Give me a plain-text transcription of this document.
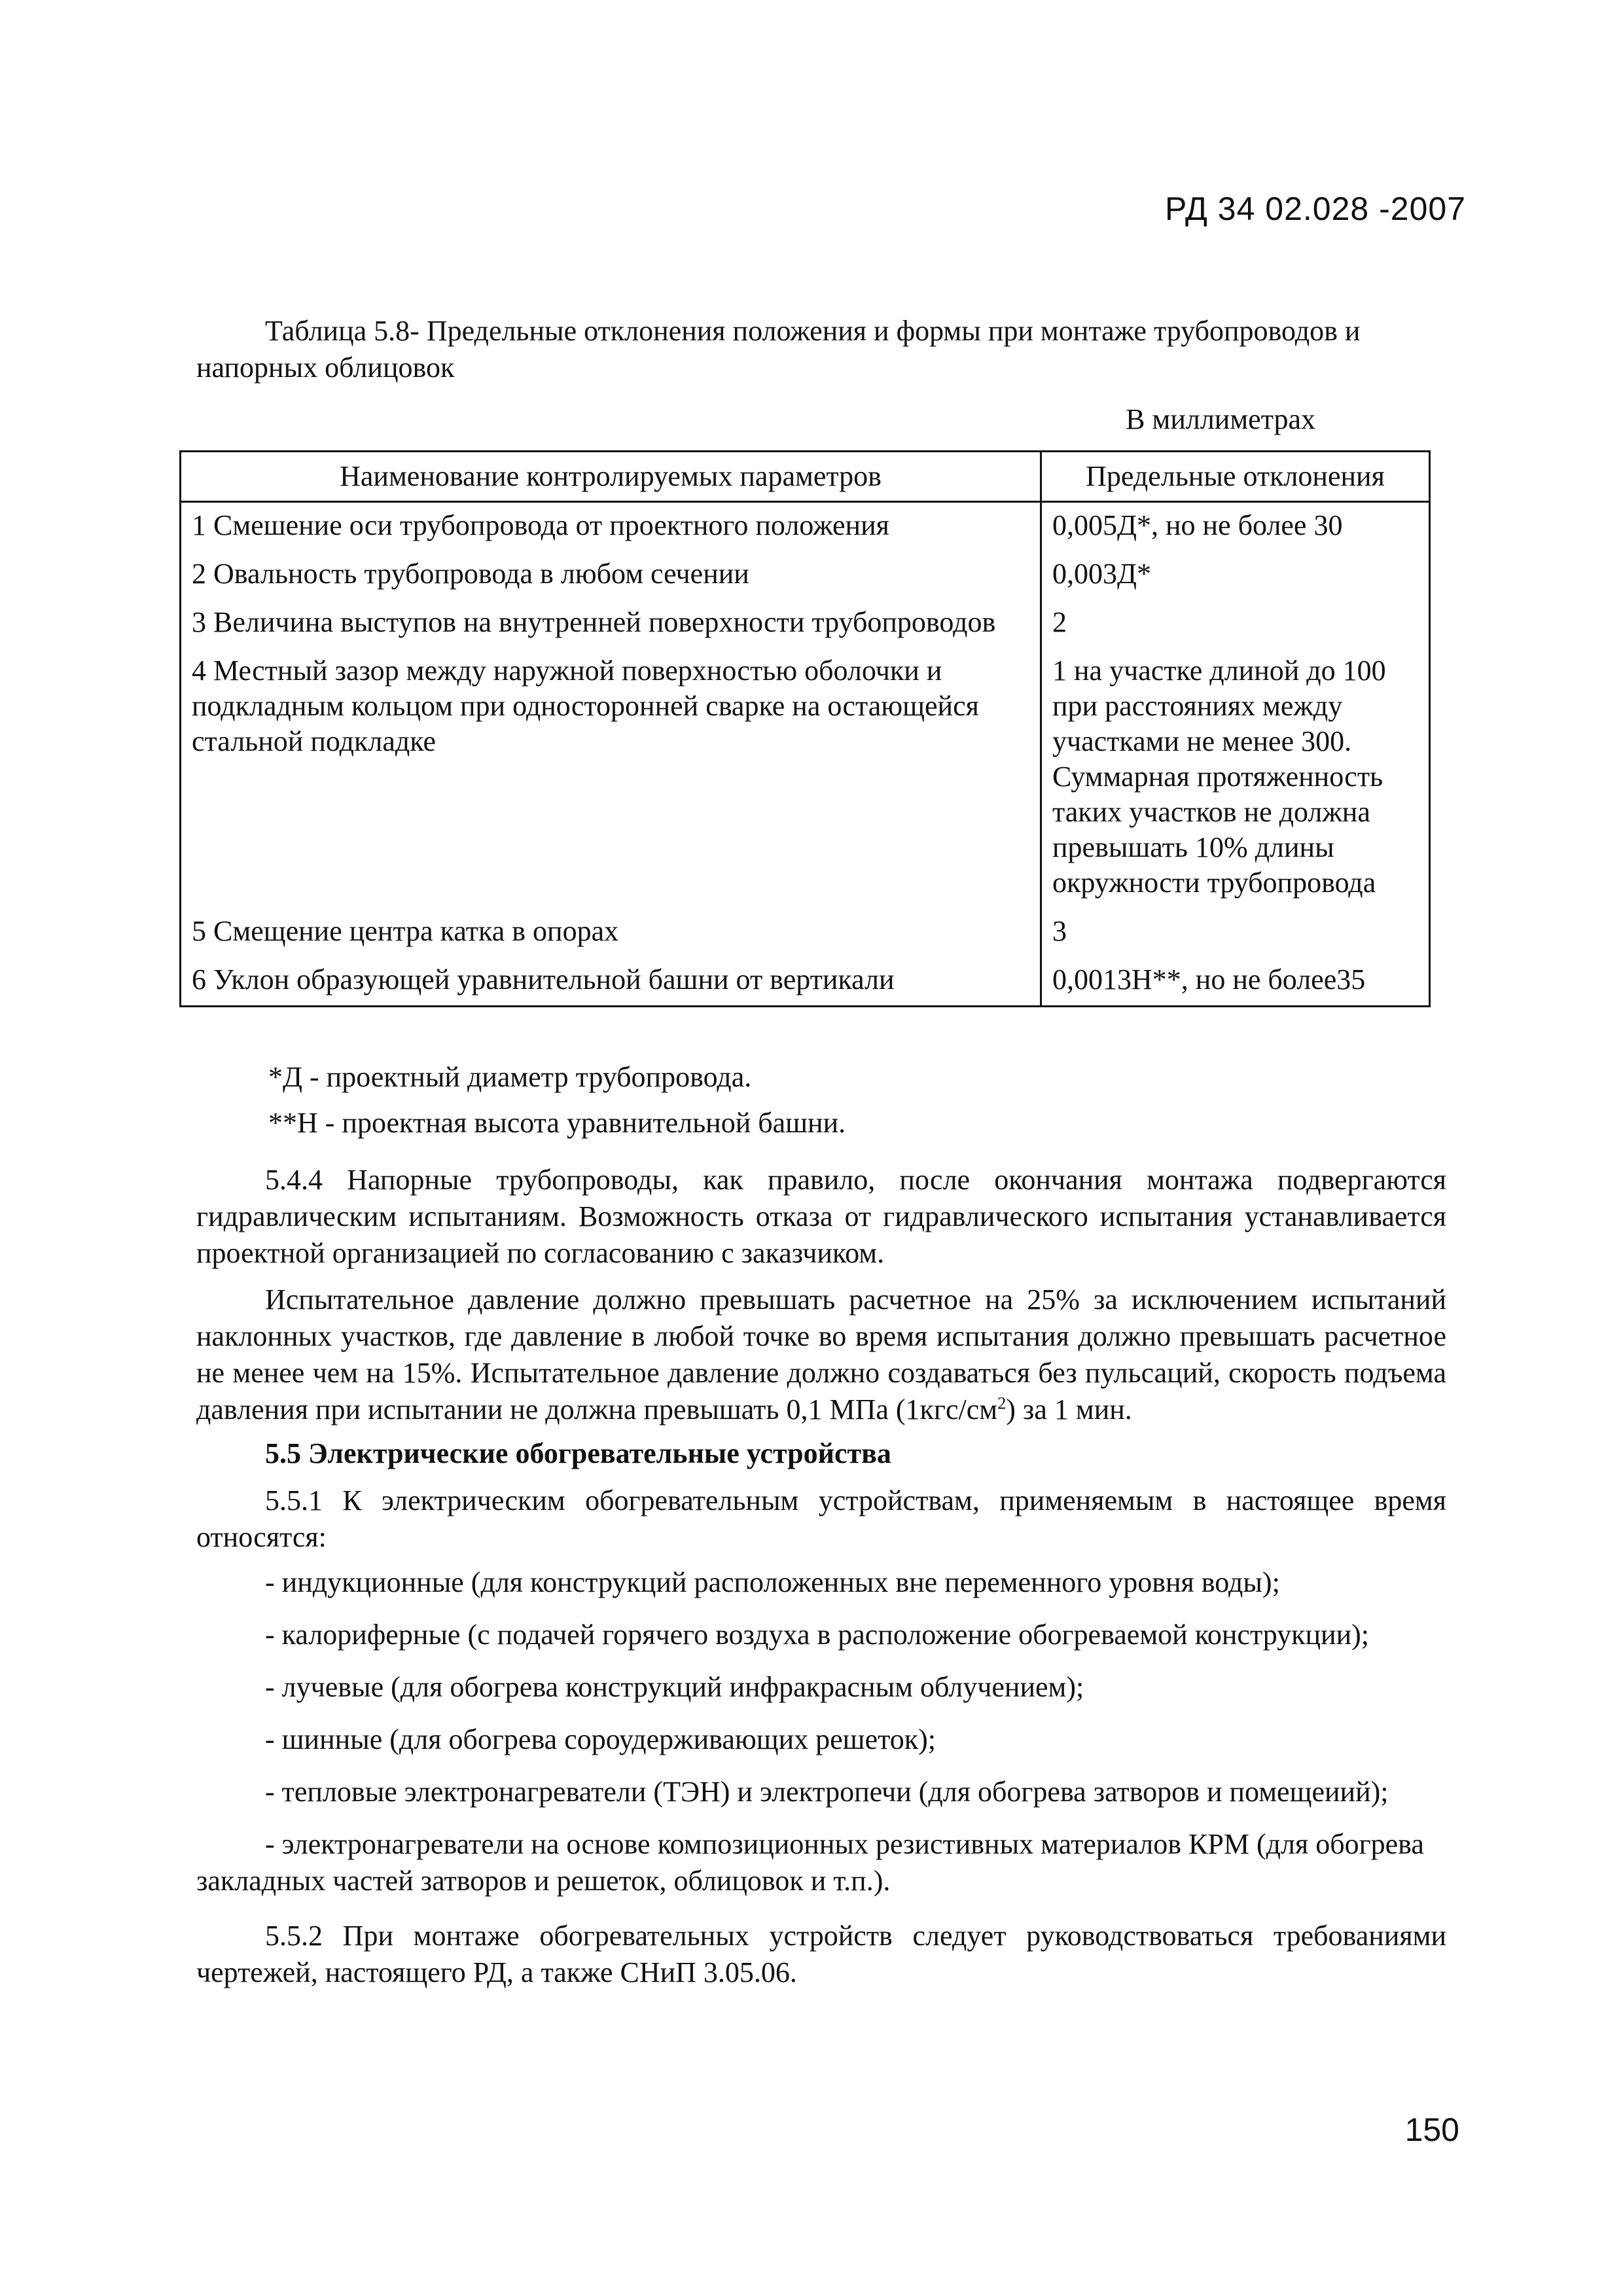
РД 34 02.028 -2007
Таблица 5.8- Предельные отклонения положения и формы при монтаже трубопроводов и напорных облицовок
В миллиметрах
Наименование контролируемых параметров	Предельные отклонения
1 Смешение оси трубопровода от проектного положения	0,005Д*, но не более 30
2 Овальность трубопровода в любом сечении	0,003Д*
3 Величина выступов на внутренней поверхности трубопроводов	2
4 Местный зазор между наружной поверхностью оболочки и подкладным кольцом при односторонней сварке на остающейся стальной подкладке	1 на участке длиной до 100 при расстояниях между участками не менее 300. Суммарная протяженность таких участков не должна превышать 10% длины окружности трубопровода
5 Смещение центра катка в опорах	3
6 Уклон образующей уравнительной башни от вертикали	0,0013Н**, но не более35
*Д - проектный диаметр трубопровода.
**Н - проектная высота уравнительной башни.
5.4.4 Напорные трубопроводы, как правило, после окончания монтажа подвергаются гидравлическим испытаниям. Возможность отказа от гидравлического испытания устанавливается проектной организацией по согласованию с заказчиком.
Испытательное давление должно превышать расчетное на 25% за исключением испытаний наклонных участков, где давление в любой точке во время испытания должно превышать расчетное не менее чем на 15%. Испытательное давление должно создаваться без пульсаций, скорость подъема давления при испытании не должна превышать 0,1 МПа $(1кгс/см^2)$ за 1 мин.
5.5 Электрические обогревательные устройства
5.5.1 К электрическим обогревательным устройствам, применяемым в настоящее время относятся:
- индукционные (для конструкций расположенных вне переменного уровня воды);
- калориферные (с подачей горячего воздуха в расположение обогреваемой конструкции);
- лучевые (для обогрева конструкций инфракрасным облучением);
- шинные (для обогрева сороудерживающих решеток);
- тепловые электронагреватели (ТЭН) и электропечи (для обогрева затворов и помещеиий);
- электронагреватели на основе композиционных резистивных материалов КРМ (для обогрева закладных частей затворов и решеток, облицовок и т.п.).
5.5.2 При монтаже обогревательных устройств следует руководствоваться требованиями чертежей, настоящего РД, а также СНиП 3.05.06.
150
